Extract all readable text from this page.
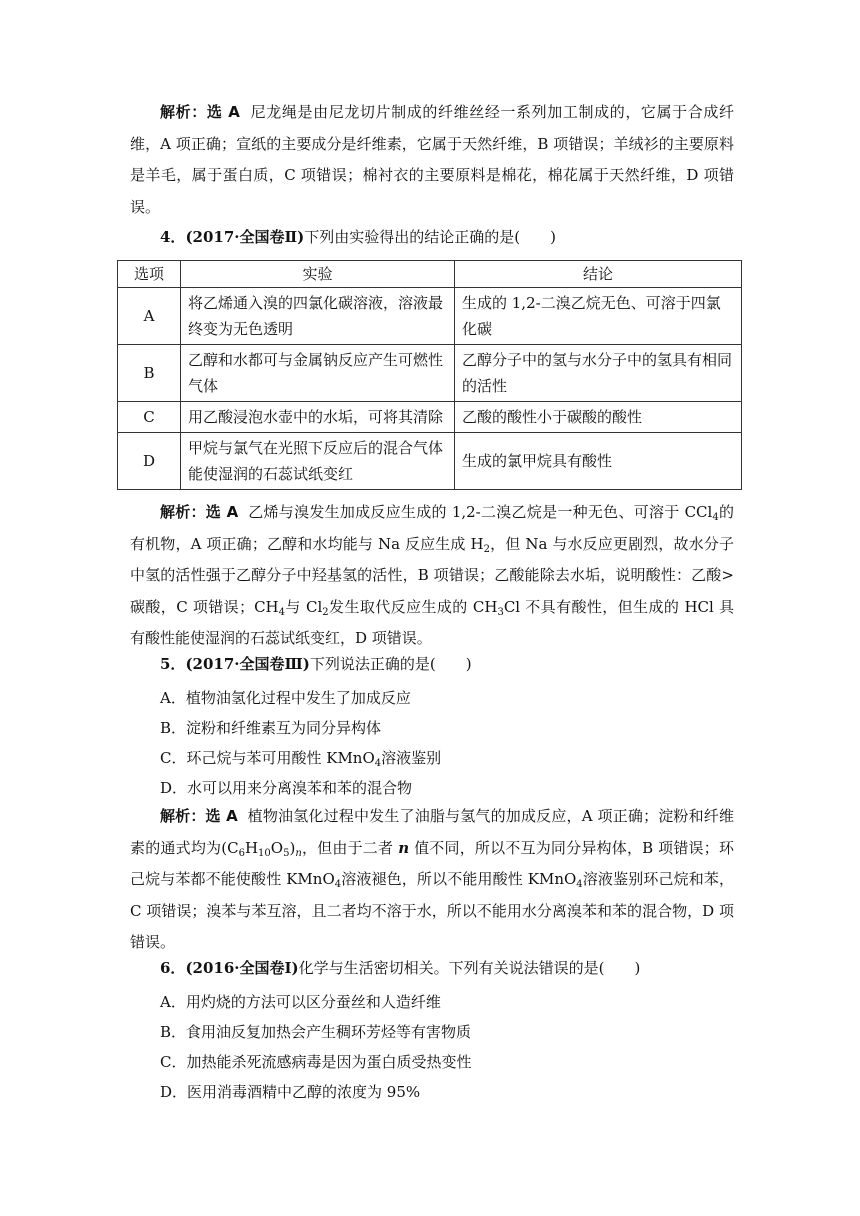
解析：选 A 尼龙绳是由尼龙切片制成的纤维丝经一系列加工制成的，它属于合成纤维，A 项正确；宣纸的主要成分是纤维素，它属于天然纤维，B 项错误；羊绒衫的主要原料是羊毛，属于蛋白质，C 项错误；棉衬衣的主要原料是棉花，棉花属于天然纤维，D 项错误。
4．(2017·全国卷Ⅱ)下列由实验得出的结论正确的是(　　)
选项	实验	结论
A	将乙烯通入溴的四氯化碳溶液，溶液最终变为无色透明	生成的 1,2-二溴乙烷无色、可溶于四氯化碳
B	乙醇和水都可与金属钠反应产生可燃性气体	乙醇分子中的氢与水分子中的氢具有相同的活性
C	用乙酸浸泡水壶中的水垢，可将其清除	乙酸的酸性小于碳酸的酸性
D	甲烷与氯气在光照下反应后的混合气体能使湿润的石蕊试纸变红	生成的氯甲烷具有酸性
解析：选 A 乙烯与溴发生加成反应生成的 1,2-二溴乙烷是一种无色、可溶于 CCl$_4$的有机物，A 项正确；乙醇和水均能与 Na 反应生成 $H_2$，但 Na 与水反应更剧烈，故水分子中氢的活性强于乙醇分子中羟基氢的活性，B 项错误；乙酸能除去水垢，说明酸性：乙酸>碳酸，C 项错误；$CH_4$与 $Cl_2$发生取代反应生成的 $CH_3Cl$ 不具有酸性，但生成的 HCl 具有酸性能使湿润的石蕊试纸变红，D 项错误。
5．(2017·全国卷Ⅲ)下列说法正确的是(　　)
A．植物油氢化过程中发生了加成反应
B．淀粉和纤维素互为同分异构体
C．环己烷与苯可用酸性 KMnO$_4$溶液鉴别
D．水可以用来分离溴苯和苯的混合物
解析：选 A 植物油氢化过程中发生了油脂与氢气的加成反应，A 项正确；淀粉和纤维素的通式均为$(C_6H_{10}O_5)_n$，但由于二者 n 值不同，所以不互为同分异构体，B 项错误；环己烷与苯都不能使酸性 KMnO$_4$溶液褪色，所以不能用酸性 KMnO$_4$溶液鉴别环己烷和苯，C 项错误；溴苯与苯互溶，且二者均不溶于水，所以不能用水分离溴苯和苯的混合物，D 项错误。
6．(2016·全国卷Ⅰ)化学与生活密切相关。下列有关说法错误的是(　　)
A．用灼烧的方法可以区分蚕丝和人造纤维
B．食用油反复加热会产生稠环芳烃等有害物质
C．加热能杀死流感病毒是因为蛋白质受热变性
D．医用消毒酒精中乙醇的浓度为 95%
